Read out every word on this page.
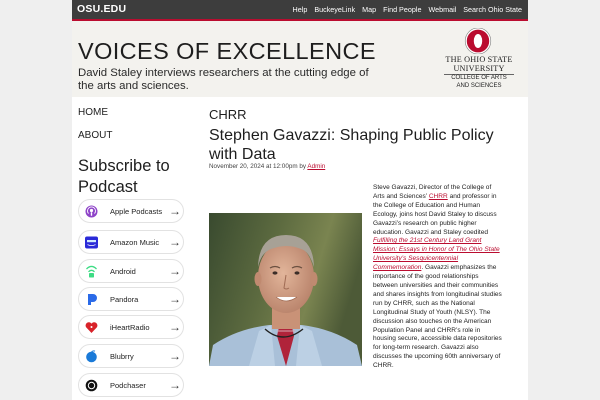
OSU.EDU	Help BuckeyeLink Map Find People Webmail Search Ohio State
VOICES OF EXCELLENCE
David Staley interviews researchers at the cutting edge of the arts and sciences.
THE OHIO STATE
UNIVERSITY
COLLEGE OF ARTS
AND SCIENCES
HOME
ABOUT
Subscribe to Podcast
Apple Podcasts →
Amazon Music →
Android	→
Pandora	→
iHeartRadio →
Blubrry	→
Podchaser →
CHRR
Stephen Gavazzi: Shaping Public Policy with Data
November 20, 2024 at 12:00pm by Admin
Steve Gavazzi, Director of the College of Arts and Sciences’ CHRR and professor in the College of Education and Human Ecology, joins host David Staley to discuss Gavazzi’s research on public higher education. Gavazzi and Staley coedited Fulfilling the 21st Century Land Grant Mission: Essays in Honor of The Ohio State University’s Sesquicentennial Commemoration. Gavazzi emphasizes the importance of the good relationships between universities and their communities and shares insights from longitudinal studies run by CHRR, such as the National Longitudinal Study of Youth (NLSY). The discussion also touches on the American Population Panel and CHRR’s role in housing secure, accessible data repositories for long-term research. Gavazzi also discusses the upcoming 60th anniversary of CHRR.
